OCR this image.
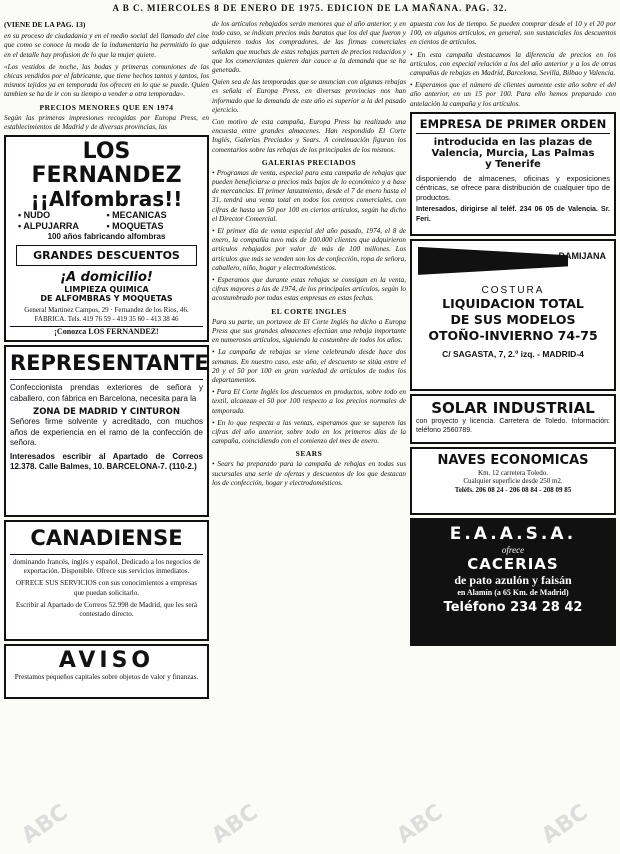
A B C. MIERCOLES 8 DE ENERO DE 1975. EDICION DE LA MAÑANA. PAG. 32.
(VIENE DE LA PAG. 13)

en su proceso de ciudadania y en el medio social del llamado del cine que como se conoce la moda de la indumentaria ha permitido lo que en el detalle hay profusion de lo que la mujer quiere.

«Los vestidos de noche, las bodas y primeras comuniones de las chicas vendidos por el fabricante, que tiene hechos tantos y tantos, los mismos tejidos ya en temporada los ofrecen en lo que se puede. Quien tambien se ha de ir con su tiempo a vender a otra temporada».

PRECIOS MENORES QUE EN 1974

Según las primeras impresiones recogidas por Europa Press, en establecimientos de Madrid y de diversas provincias, las

LOS FERNANDEZ
¡¡Alfombras!!
• NUDO	• MECANICAS
• ALPUJARRA	• MOQUETAS
100 años fabricando alfombras
GRANDES DESCUENTOS
¡A domicilio!
LIMPIEZA QUIMICA
DE ALFOMBRAS Y MOQUETAS
General Martinez Campos, 29 · Fernandez de los Rios, 46. FABRICA. Tels. 419 76 59 - 419 35 60 - 413 38 46
¡Conozca LOS FERNANDEZ!
REPRESENTANTE

Confeccionista prendas exteriores de señora y caballero, con fábrica en Barcelona, necesita para la

ZONA DE MADRID Y CINTURON

Señores firme solvente y acreditado, con muchos años de experiencia en el ramo de la confección de señora.

Interesados escribir al Apartado de Correos 12.378. Calle Balmes, 10. BARCELONA-7. (110-2.)

CANADIENSE

dominando francés, inglés y español. Dedicado a los negocios de exportación. Disponible. Ofrece sus servicios inmediatos.

OFRECE SUS SERVICIOS con sus conocimientos a empresas que puedan solicitarlo.

Escribir al Apartado de Correos 52.998 de Madrid, que les será contestado directo.

AVISO

Prestamos pequeños capitales sobre objetos de valor y finanzas.

de los artículos rebajados serán menores que el año anterior, y en todo caso, se indican precios más baratos que los del que fueron y adquieren todos los compradores, de las firmas comerciales señalan que muchas de estas rebajas parten de precios reducidos y que los comerciantes quieren dar cauce a la demanda que se ha generado.

Quien sea de las temporadas que se anuncian con algunas rebajas es señala el Europa Press, en diversas provincias nos han informado que la demanda de este año es superior a la del pasado ejercicio.

Con motivo de esta campaña, Europa Press ha realizado una encuesta entre grandes almacenes. Han respondido El Corte Inglés, Galerías Preciados y Sears. A continuación figuran los comentarios sobre las rebajas de los principales de los mismos.

GALERIAS PRECIADOS

• Programas de venta, especial para esta campaña de rebajas que pueden beneficiarse a precios más bajos de lo económico y a base de mercancias. El primer lanzamiento, desde el 7 de enero hasta el 31, tendrá una venta total en todos los centros comerciales, con cifras de hasta un 50 por 100 en ciertos artículos, según ha dicho el Director Comercial.

• El primer día de venta especial del año pasado, 1974, el 8 de enero, la compañía tuvo más de 100.000 clientes que adquirieron artículos rebajados por valor de más de 100 millones. Los artículos que más se venden son los de confección, ropa de señora, caballero, niño, hogar y electrodomésticos.

• Esperamos que durante estas rebajas se consigan en la venta, cifras mayores a las de 1974, de los principales artículos, según lo acostumbrado por todas estas empresas en estas fechas.

EL CORTE INGLES

Para su parte, un portavoz de El Corte Inglés ha dicho a Europa Press que sus grandes almacenes efectúan una rebaja importante en numerosos artículos, siguiendo la costumbre de todos los años.

• La campaña de rebajas se viene celebrando desde hace dos semanas. En nuestro caso, este año, el descuento se sitúa entre el 20 y el 50 por 100 en gran variedad de artículos de todos los departamentos.

• Para El Corte Inglés los descuentos en productos, sobre todo en textil, alcanzan el 50 por 100 respecto a los precios normales de temporada.

• En lo que respecta a las ventas, esperamos que se superen las cifras del año anterior, sobre todo en los primeros días de la campaña, coincidiendo con el comienzo del mes de enero.

SEARS

• Sears ha preparado para la campaña de rebajas en todas sus sucursales una serie de ofertas y descuentos de los que destacan los de confección, hogar y electrodomésticos.

apuesta con los de tiempo. Se pueden comprar desde el 10 y el 20 por 100, en algunos artículos, en general, son sustanciales los descuentos en cientos de artículos.

• En esta campaña destacamos la diferencia de precios en los artículos, con especial relación a los del año anterior y a los de otras campañas de rebajas en Madrid, Barcelona, Sevilla, Bilbao y Valencia.

• Esperamos que el número de clientes aumente este año sobre el del año anterior, en un 15 por 100. Para ello hemos preparado con antelación la campaña y los artículos.

EMPRESA DE PRIMER ORDEN
introducida en las plazas de
Valencia, Murcia, Las Palmas
y Tenerife

disponiendo de almacenes, oficinas y exposiciones céntricas, se ofrece para distribución de cualquier tipo de productos.

Interesados, dirigirse al teléf. 234 06 05 de Valencia. Sr. Feri.

DAMIJANA
COSTURA
LIQUIDACION TOTAL
DE SUS MODELOS
OTOÑO-INVIERNO 74-75
C/ SAGASTA, 7, 2.º izq. - MADRID-4
SOLAR INDUSTRIAL

con proyecto y licencia. Carretera de Toledo. Información: teléfono 2560789.

NAVES ECONOMICAS
Km. 12 carretera Toledo.
Cualquier superficie desde 250 m2.
Teléfs. 206 08 24 - 206 08 84 - 208 09 85
E.A.A.S.A.
ofrece
CACERIAS
de pato azulón y faisán
en Alamín (a 65 Km. de Madrid)
Teléfono 234 28 42
ABC	ABC	ABC	ABC
